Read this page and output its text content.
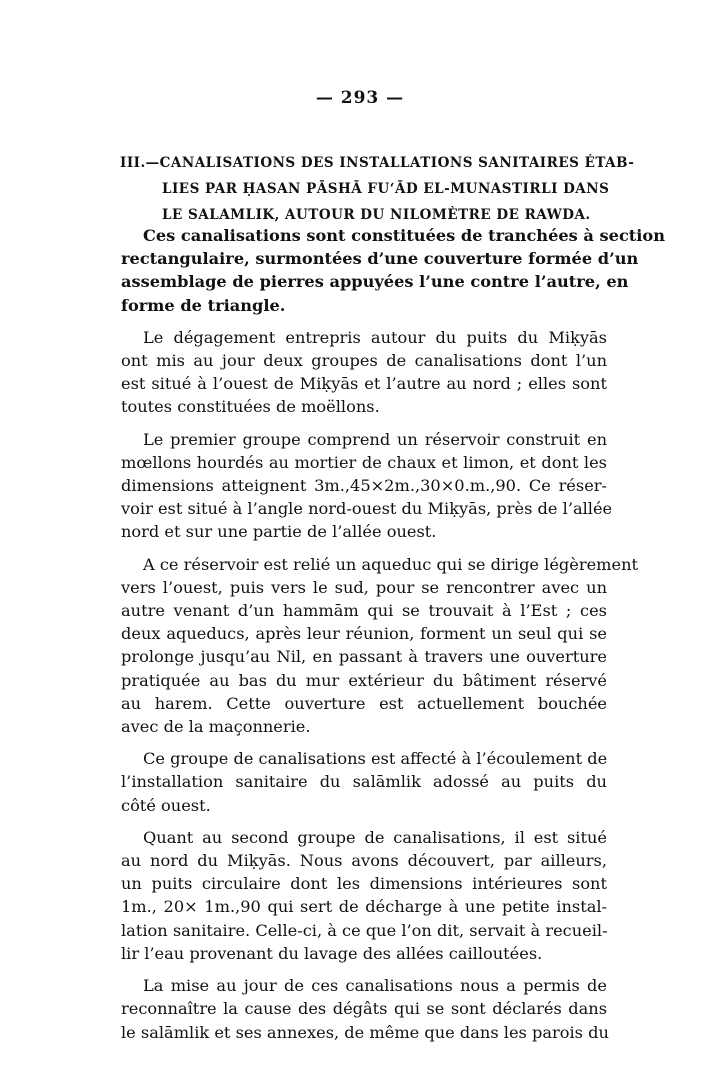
— 293 —
III.—CANALISATIONS DES INSTALLATIONS SANITAIRES ÉTAB-
LIES PAR ḤASAN PĀSHĀ FU‘ĀD EL-MUNASTIRLI DANS
LE SALAMLIK, AUTOUR DU NILOMÈTRE DE RAWDA.

Ces canalisations sont constituées de tranchées à section
rectangulaire, surmontées d’une couverture formée d’un
assemblage de pierres appuyées l’une contre l’autre, en
forme de triangle.

Le dégagement entrepris autour du puits du Miḳyās
ont mis au jour deux groupes de canalisations dont l’un
est situé à l’ouest de Miḳyās et l’autre au nord ; elles sont
toutes constituées de moëllons.

Le premier groupe comprend un réservoir construit en
mœllons hourdés au mortier de chaux et limon, et dont les
dimensions atteignent 3m.,45×2m.,30×0.m.,90. Ce réser-
voir est situé à l’angle nord-ouest du Miḳyās, près de l’allée
nord et sur une partie de l’allée ouest.

A ce réservoir est relié un aqueduc qui se dirige légèrement
vers l’ouest, puis vers le sud, pour se rencontrer avec un
autre venant d’un hammām qui se trouvait à l’Est ; ces
deux aqueducs, après leur réunion, forment un seul qui se
prolonge jusqu’au Nil, en passant à travers une ouverture
pratiquée au bas du mur extérieur du bâtiment réservé
au harem. Cette ouverture est actuellement bouchée
avec de la maçonnerie.

Ce groupe de canalisations est affecté à l’écoulement de
l’installation sanitaire du salāmlik adossé au puits du
côté ouest.

Quant au second groupe de canalisations, il est situé
au nord du Miḳyās. Nous avons découvert, par ailleurs,
un puits circulaire dont les dimensions intérieures sont
1m., 20× 1m.,90 qui sert de décharge à une petite instal-
lation sanitaire. Celle-ci, à ce que l’on dit, servait à recueil-
lir l’eau provenant du lavage des allées cailloutées.

La mise au jour de ces canalisations nous a permis de
reconnaître la cause des dégâts qui se sont déclarés dans
le salāmlik et ses annexes, de même que dans les parois du
